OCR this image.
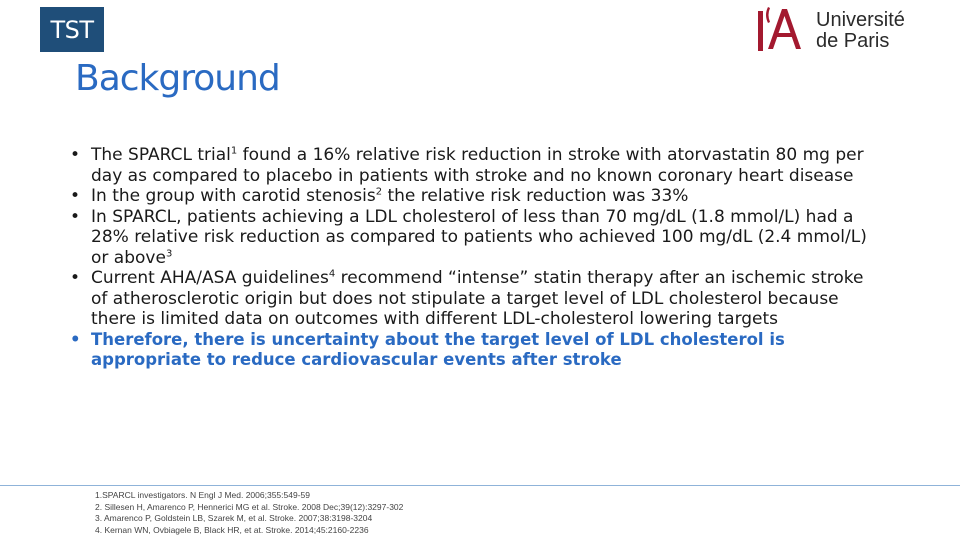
TST	Université
de Paris
Background
• The SPARCL trial$^1$ found a 16% relative risk reduction in stroke with atorvastatin 80 mg per day as compared to placebo in patients with stroke and no known coronary heart disease
• In the group with carotid stenosis$^2$ the relative risk reduction was 33%
• In SPARCL, patients achieving a LDL cholesterol of less than 70 mg/dL (1.8 mmol/L) had a 28% relative risk reduction as compared to patients who achieved 100 mg/dL (2.4 mmol/L) or above$^3$
• Current AHA/ASA guidelines$^4$ recommend “intense” statin therapy after an ischemic stroke of atherosclerotic origin but does not stipulate a target level of LDL cholesterol because there is limited data on outcomes with different LDL-cholesterol lowering targets
• Therefore, there is uncertainty about the target level of LDL cholesterol is appropriate to reduce cardiovascular events after stroke
1.SPARCL investigators. N Engl J Med. 2006;355:549-59
2. Sillesen H, Amarenco P, Hennerici MG et al. Stroke. 2008 Dec;39(12):3297-302
3. Amarenco P, Goldstein LB, Szarek M, et al. Stroke. 2007;38:3198-3204
4. Kernan WN, Ovbiagele B, Black HR, et at. Stroke. 2014;45:2160-2236
